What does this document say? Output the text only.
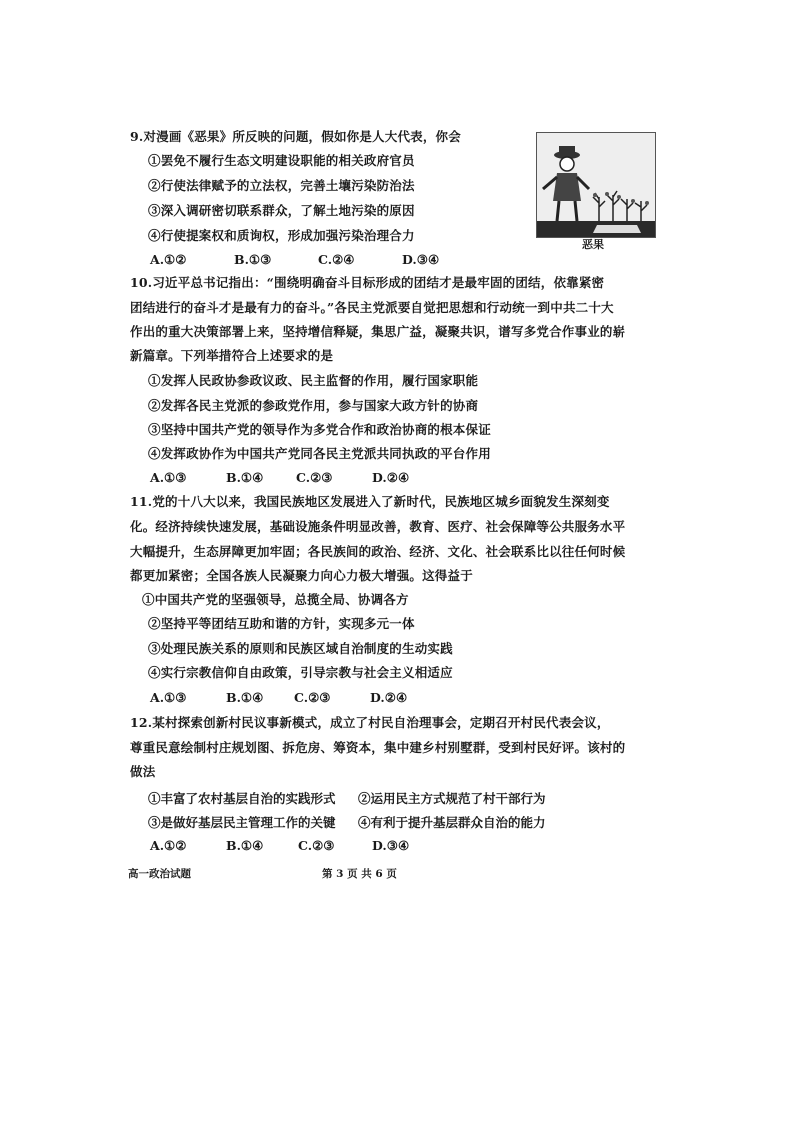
9.对漫画《恶果》所反映的问题，假如你是人大代表，你会
①罢免不履行生态文明建设职能的相关政府官员
②行使法律赋予的立法权，完善土壤污染防治法
③深入调研密切联系群众，了解土地污染的原因
④行使提案权和质询权，形成加强污染治理合力
A.①②	B.①③	C.②④	D.③④
恶果
10.习近平总书记指出：“围绕明确奋斗目标形成的团结才是最牢固的团结，依靠紧密
团结进行的奋斗才是最有力的奋斗。”各民主党派要自觉把思想和行动统一到中共二十大
作出的重大决策部署上来，坚持增信释疑，集思广益，凝聚共识，谱写多党合作事业的崭
新篇章。下列举措符合上述要求的是
①发挥人民政协参政议政、民主监督的作用，履行国家职能
②发挥各民主党派的参政党作用，参与国家大政方针的协商
③坚持中国共产党的领导作为多党合作和政治协商的根本保证
④发挥政协作为中国共产党同各民主党派共同执政的平台作用
A.①③	B.①④	C.②③	D.②④
11.党的十八大以来，我国民族地区发展进入了新时代，民族地区城乡面貌发生深刻变
化。经济持续快速发展，基础设施条件明显改善，教育、医疗、社会保障等公共服务水平
大幅提升，生态屏障更加牢固；各民族间的政治、经济、文化、社会联系比以往任何时候
都更加紧密；全国各族人民凝聚力向心力极大增强。这得益于
①中国共产党的坚强领导，总揽全局、协调各方
②坚持平等团结互助和谐的方针，实现多元一体
③处理民族关系的原则和民族区域自治制度的生动实践
④实行宗教信仰自由政策，引导宗教与社会主义相适应
A.①③	B.①④ C.②③	D.②④
12.某村探索创新村民议事新模式，成立了村民自治理事会，定期召开村民代表会议，
尊重民意绘制村庄规划图、拆危房、筹资本，集中建乡村别墅群，受到村民好评。该村的
做法
①丰富了农村基层自治的实践形式 ②运用民主方式规范了村干部行为
③是做好基层民主管理工作的关键 ④有利于提升基层群众自治的能力
A.①②	B.①④	C.②③	D.③④
高一政治试题	第 3 页 共 6 页
